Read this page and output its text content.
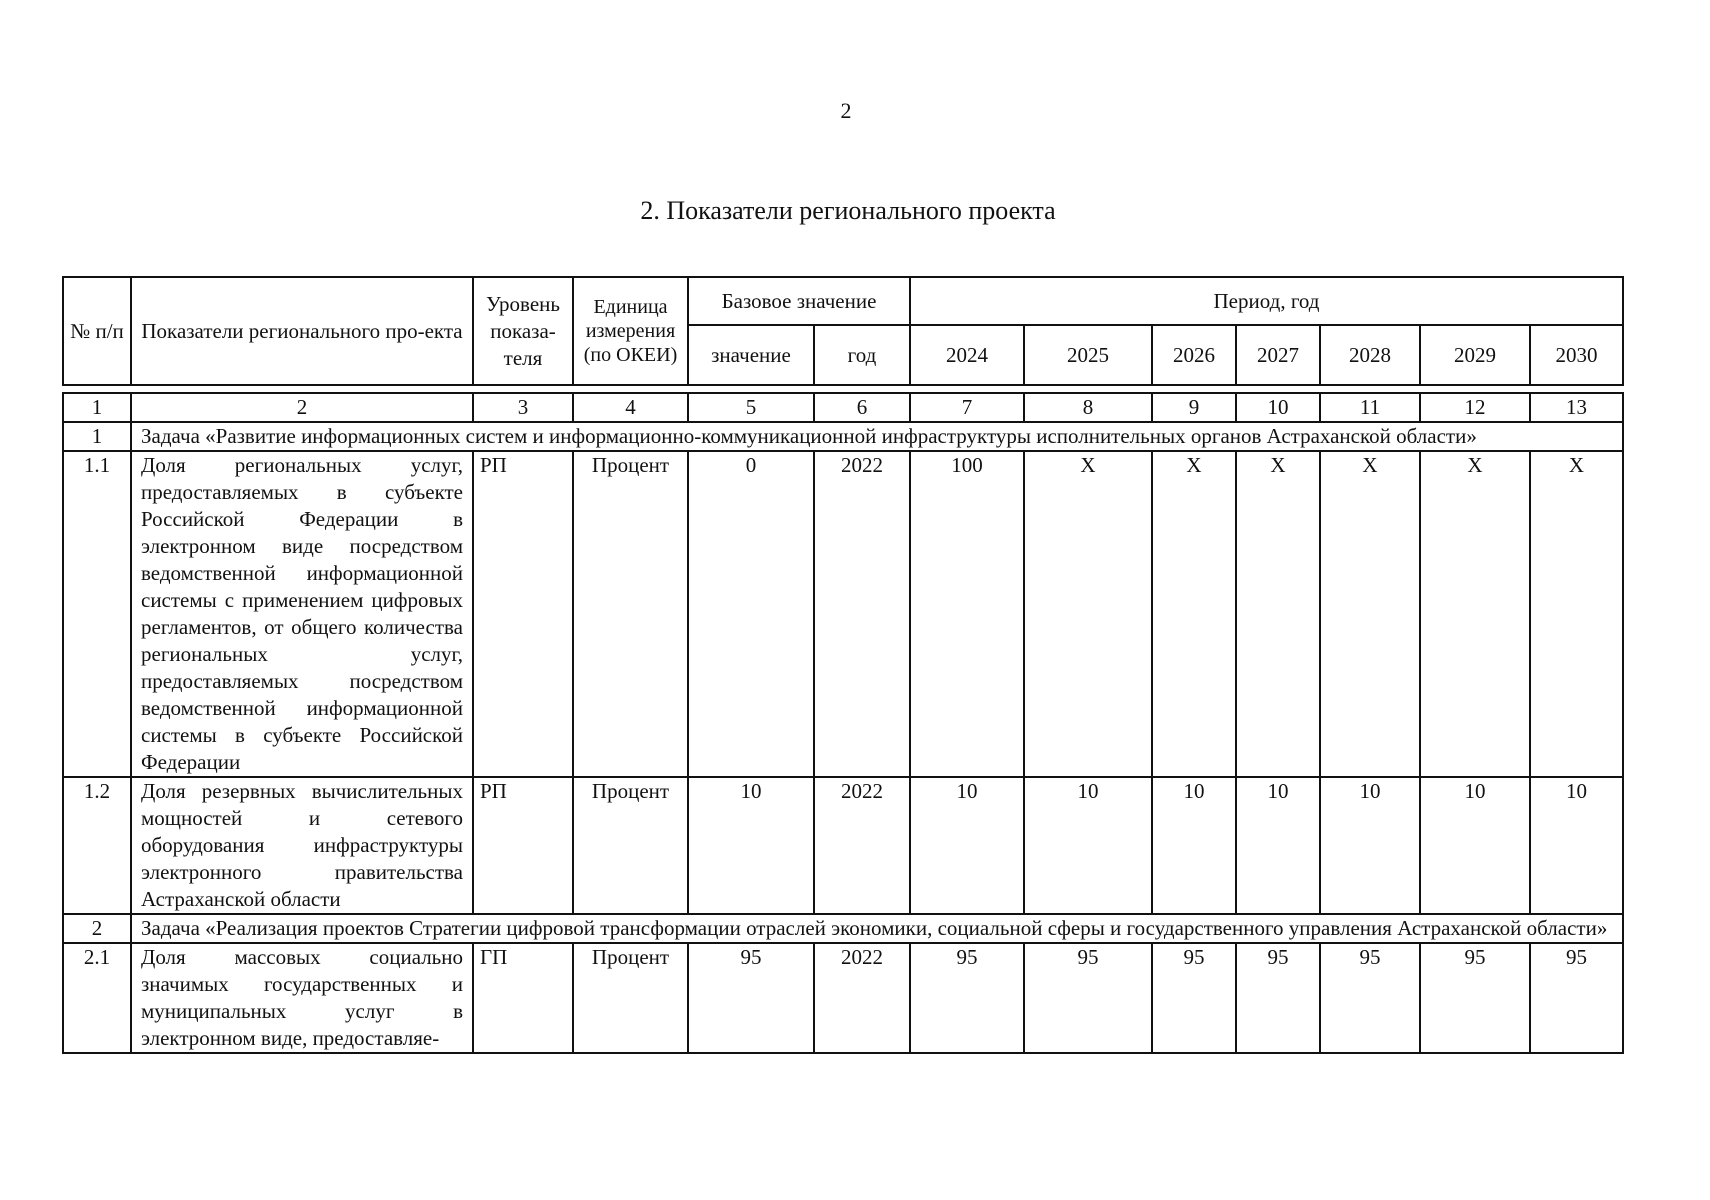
2
2. Показатели регионального проекта
№ п/п	Показатели регионального про-екта	Уровень показа-теля	Единица измерения (по ОКЕИ)	Базовое значение		Период, год						
				значение	год	2024	2025	2026	2027	2028	2029	2030
1	2	3	4	5	6	7	8	9	10	11	12	13
1	Задача «Развитие информационных систем и информационно-коммуникационной инфраструктуры исполнительных органов Астраханской области»											
1.1	Доля региональных услуг, предоставляемых в субъекте Российской Федерации в электронном виде посредством ведомственной информационной системы с применением цифровых регламентов, от общего количества региональных услуг, предоставляемых посредством ведомственной информационной системы в субъекте Российской Федерации	РП	Процент	0	2022	100	X	X	X	X	X	X
1.2	Доля резервных вычислительных мощностей и сетевого оборудования инфраструктуры электронного правительства Астраханской области	РП	Процент	10	2022	10	10	10	10	10	10	10
2	Задача «Реализация проектов Стратегии цифровой трансформации отраслей экономики, социальной сферы и государственного управления Астраханской области»											
2.1	Доля массовых социально значимых государственных и муниципальных услуг в электронном виде, предоставляе-	ГП	Процент	95	2022	95	95	95	95	95	95	95
